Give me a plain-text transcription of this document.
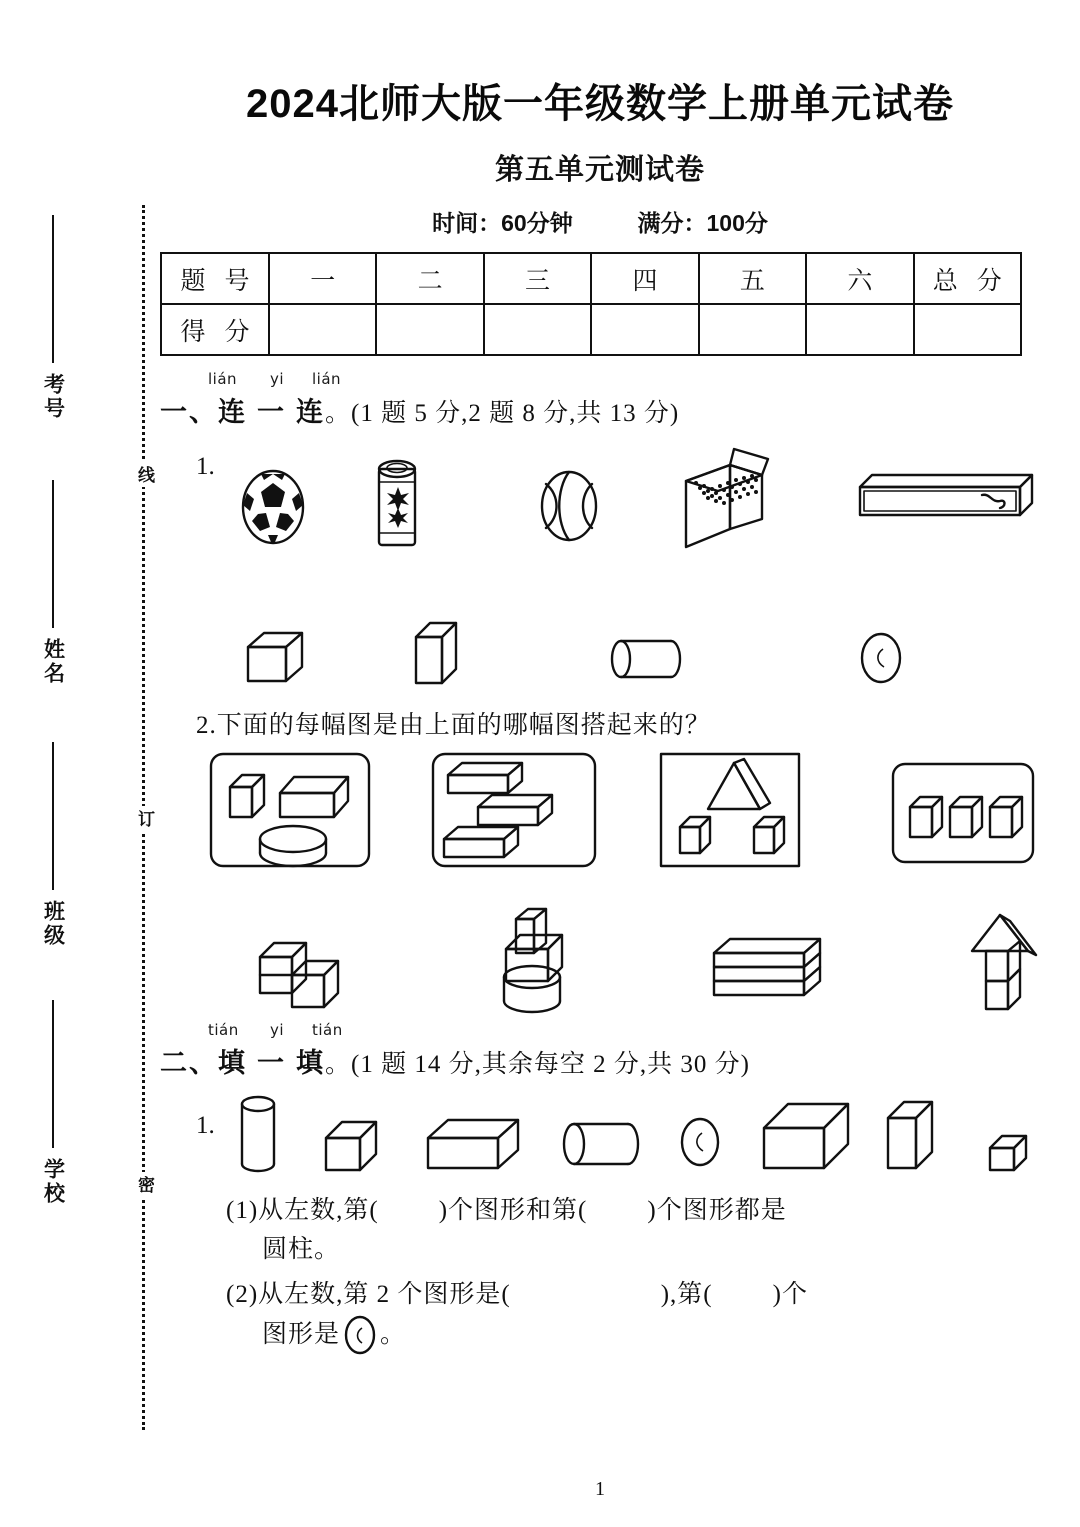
考号
姓名
班级
学校
线
订
密
2024北师大版一年级数学上册单元试卷
第五单元测试卷
时间：60分钟	满分：100分
题 号	一	二	三	四	五	六	总 分
得 分							
lián yi lián
一、连一连。(1 题 5 分,2 题 8 分,共 13 分)
1.
2.下面的每幅图是由上面的哪幅图搭起来的？
tián yi tián
二、填一填。(1 题 14 分,其余每空 2 分,共 30 分)
1.
(1)从左数,第( )个图形和第( )个图形都是
圆柱。
(2)从左数,第 2 个图形是(	),第( )个
图形是 。
1
